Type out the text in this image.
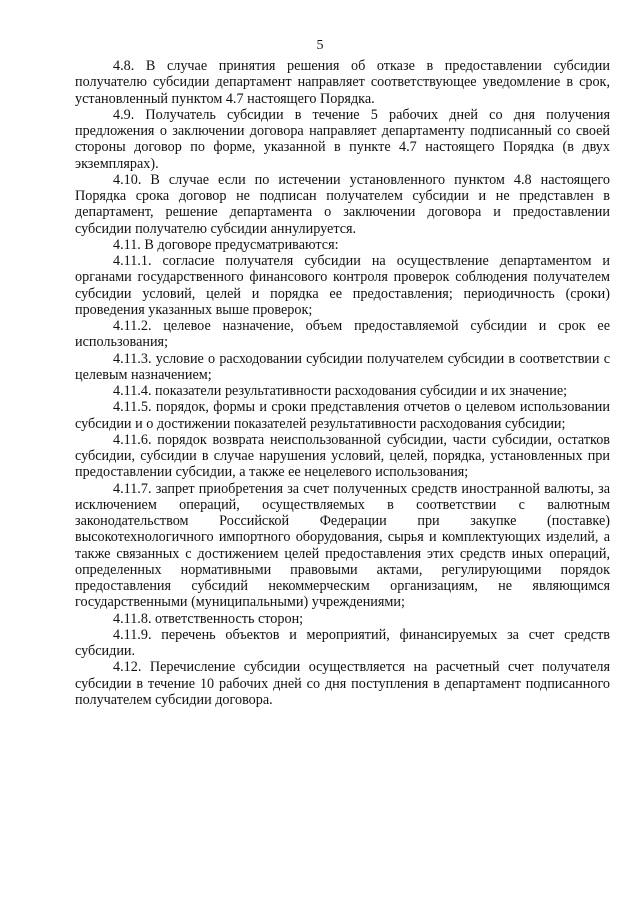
5

4.8. В случае принятия решения об отказе в предоставлении субсидии получателю субсидии департамент направляет соответствующее уведомление в срок, установленный пунктом 4.7 настоящего Порядка.

4.9. Получатель субсидии в течение 5 рабочих дней со дня получения предложения о заключении договора направляет департаменту подписанный со своей стороны договор по форме, указанной в пункте 4.7 настоящего Порядка (в двух экземплярах).

4.10. В случае если по истечении установленного пунктом 4.8 настоящего Порядка срока договор не подписан получателем субсидии и не представлен в департамент, решение департамента о заключении договора и предоставлении субсидии получателю субсидии аннулируется.

4.11. В договоре предусматриваются:

4.11.1. согласие получателя субсидии на осуществление департаментом и органами государственного финансового контроля проверок соблюдения получателем субсидии условий, целей и порядка ее предоставления; периодичность (сроки) проведения указанных выше проверок;

4.11.2. целевое назначение, объем предоставляемой субсидии и срок ее использования;

4.11.3. условие о расходовании субсидии получателем субсидии в соответствии с целевым назначением;

4.11.4. показатели результативности расходования субсидии и их значение;

4.11.5. порядок, формы и сроки представления отчетов о целевом использовании субсидии и о достижении показателей результативности расходования субсидии;

4.11.6. порядок возврата неиспользованной субсидии, части субсидии, остатков субсидии, субсидии в случае нарушения условий, целей, порядка, установленных при предоставлении субсидии, а также ее нецелевого использования;

4.11.7. запрет приобретения за счет полученных средств иностранной валюты, за исключением операций, осуществляемых в соответствии с валютным законодательством Российской Федерации при закупке (поставке) высокотехнологичного импортного оборудования, сырья и комплектующих изделий, а также связанных с достижением целей предоставления этих средств иных операций, определенных нормативными правовыми актами, регулирующими порядок предоставления субсидий некоммерческим организациям, не являющимся государственными (муниципальными) учреждениями;

4.11.8. ответственность сторон;

4.11.9. перечень объектов и мероприятий, финансируемых за счет средств субсидии.

4.12. Перечисление субсидии осуществляется на расчетный счет получателя субсидии в течение 10 рабочих дней со дня поступления в департамент подписанного получателем субсидии договора.
